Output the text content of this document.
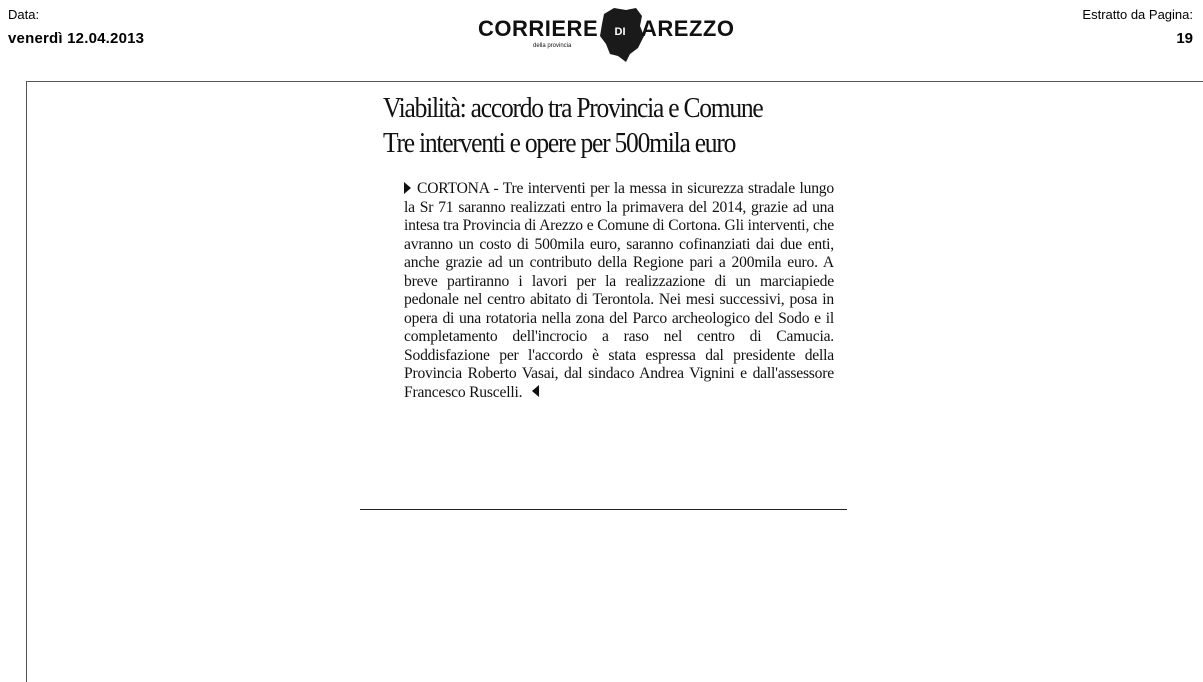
Data:
venerdì 12.04.2013	CORRIERE	DI AREZZO
della provincia
Estratto da Pagina:
19
Viabilità: accordo tra Provincia e Comune
Tre interventi e opere per 500mila euro
CORTONA - Tre interventi per la messa in sicurezza stradale lungo la Sr 71 saranno realizzati entro la primavera del 2014, grazie ad una intesa tra Provincia di Arezzo e Comune di Cortona. Gli interventi, che avranno un costo di 500mila euro, saranno cofinanziati dai due enti, anche grazie ad un contributo della Regione pari a 200mila euro. A breve partiranno i lavori per la realizzazione di un marciapiede pedonale nel centro abitato di Terontola. Nei mesi successivi, posa in opera di una rotatoria nella zona del Parco archeologico del Sodo e il completamento dell'incrocio a raso nel centro di Camucia. Soddisfazione per l'accordo è stata espressa dal presidente della Provincia Roberto Vasai, dal sindaco Andrea Vignini e dall'assessore Francesco Ruscelli.
